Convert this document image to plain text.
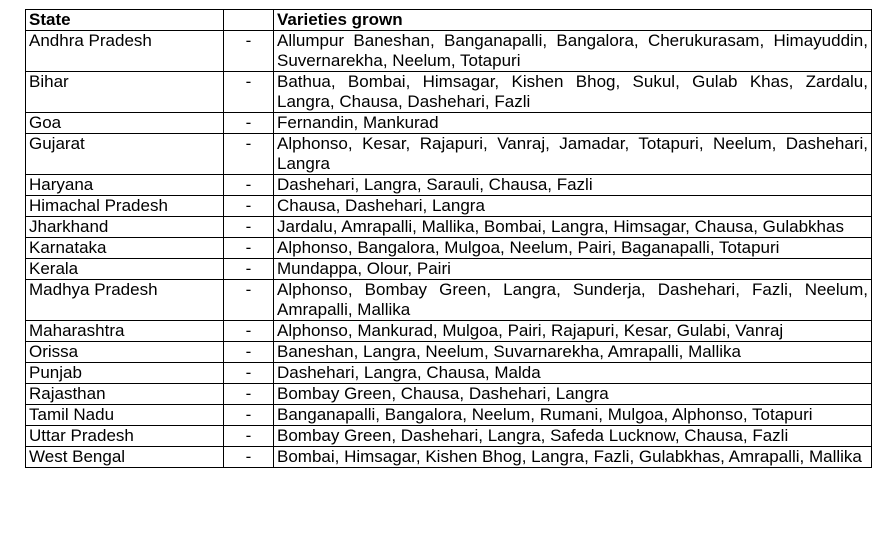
State		Varieties grown
Andhra Pradesh	-	Allumpur Baneshan, Banganapalli, Bangalora, Cherukurasam, Himayuddin, Suvernarekha, Neelum, Totapuri
Bihar	-	Bathua, Bombai, Himsagar, Kishen Bhog, Sukul, Gulab Khas, Zardalu, Langra, Chausa, Dashehari, Fazli
Goa	-	Fernandin, Mankurad
Gujarat	-	Alphonso, Kesar, Rajapuri, Vanraj, Jamadar, Totapuri, Neelum, Dashehari, Langra
Haryana	-	Dashehari, Langra, Sarauli, Chausa, Fazli
Himachal Pradesh	-	Chausa, Dashehari, Langra
Jharkhand	-	Jardalu, Amrapalli, Mallika, Bombai, Langra, Himsagar, Chausa, Gulabkhas
Karnataka	-	Alphonso, Bangalora, Mulgoa, Neelum, Pairi, Baganapalli, Totapuri
Kerala	-	Mundappa, Olour, Pairi
Madhya Pradesh	-	Alphonso, Bombay Green, Langra, Sunderja, Dashehari, Fazli, Neelum, Amrapalli, Mallika
Maharashtra	-	Alphonso, Mankurad, Mulgoa, Pairi, Rajapuri, Kesar, Gulabi, Vanraj
Orissa	-	Baneshan, Langra, Neelum, Suvarnarekha, Amrapalli, Mallika
Punjab	-	Dashehari, Langra, Chausa, Malda
Rajasthan	-	Bombay Green, Chausa, Dashehari, Langra
Tamil Nadu	-	Banganapalli, Bangalora, Neelum, Rumani, Mulgoa, Alphonso, Totapuri
Uttar Pradesh	-	Bombay Green, Dashehari, Langra, Safeda Lucknow, Chausa, Fazli
West Bengal	-	Bombai, Himsagar, Kishen Bhog, Langra, Fazli, Gulabkhas, Amrapalli, Mallika
